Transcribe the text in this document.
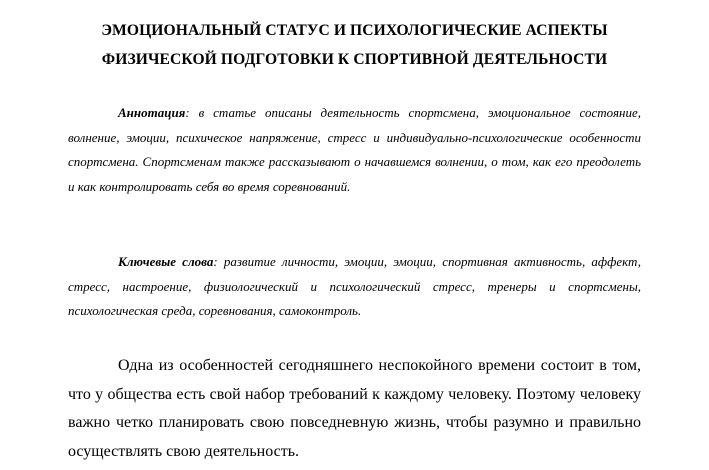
ЭМОЦИОНАЛЬНЫЙ СТАТУС И ПСИХОЛОГИЧЕСКИЕ АСПЕКТЫ
ФИЗИЧЕСКОЙ ПОДГОТОВКИ К СПОРТИВНОЙ ДЕЯТЕЛЬНОСТИ

Аннотация: в статье описаны деятельность спортсмена, эмоциональное состояние, волнение, эмоции, психическое напряжение, стресс и индивидуально-психологические особенности спортсмена. Спортсменам также рассказывают о начавшемся волнении, о том, как его преодолеть и как контролировать себя во время соревнований.

Ключевые слова: развитие личности, эмоции, эмоции, спортивная активность, аффект, стресс, настроение, физиологический и психологический стресс, тренеры и спортсмены, психологическая среда, соревнования, самоконтроль.

Одна из особенностей сегодняшнего неспокойного времени состоит в том, что у общества есть свой набор требований к каждому человеку. Поэтому человеку важно четко планировать свою повседневную жизнь, чтобы разумно и правильно осуществлять свою деятельность.
